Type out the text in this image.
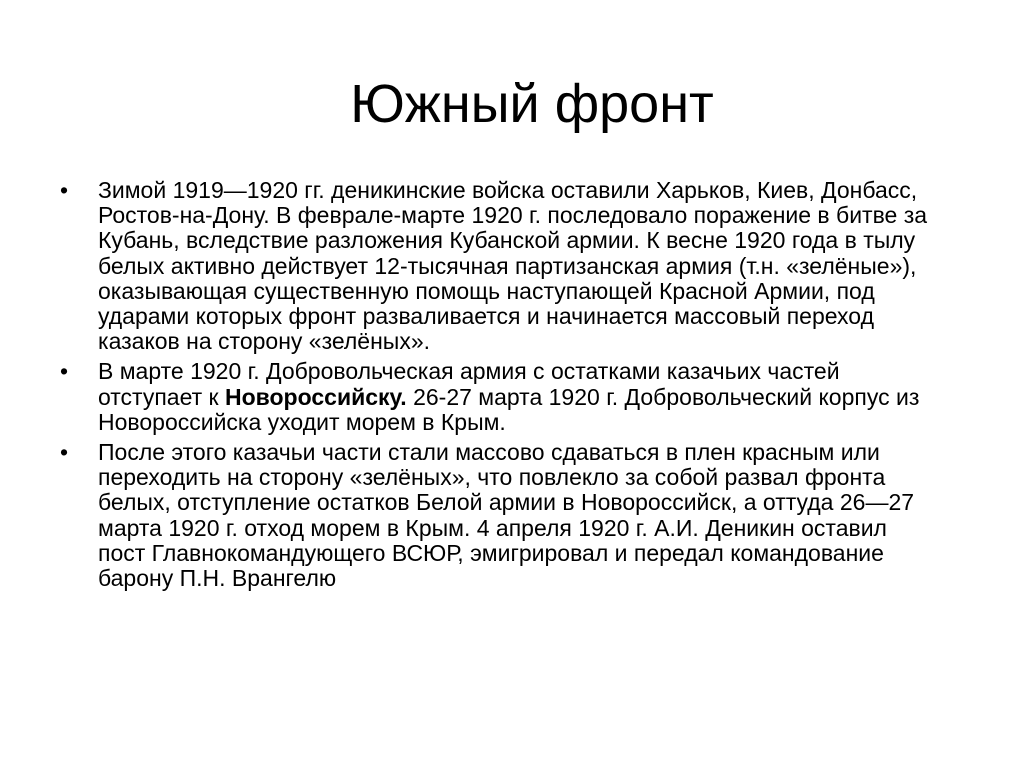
Южный фронт
• Зимой 1919—1920 гг. деникинские войска оставили Харьков, Киев, Донбасс, Ростов-на-Дону. В феврале-марте 1920 г. последовало поражение в битве за Кубань, вследствие разложения Кубанской армии. К весне 1920 года в тылу белых активно действует 12-тысячная партизанская армия (т.н. «зелёные»), оказывающая существенную помощь наступающей Красной Армии, под ударами которых фронт разваливается и начинается массовый переход казаков на сторону «зелёных».
• В марте 1920 г. Добровольческая армия с остатками казачьих частей отступает к Новороссийску. 26-27 марта 1920 г. Добровольческий корпус из Новороссийска уходит морем в Крым.
• После этого казачьи части стали массово сдаваться в плен красным или переходить на сторону «зелёных», что повлекло за собой развал фронта белых, отступление остатков Белой армии в Новороссийск, а оттуда 26—27 марта 1920 г. отход морем в Крым. 4 апреля 1920 г. А.И. Деникин оставил пост Главнокомандующего ВСЮР, эмигрировал и передал командование барону П.Н. Врангелю
